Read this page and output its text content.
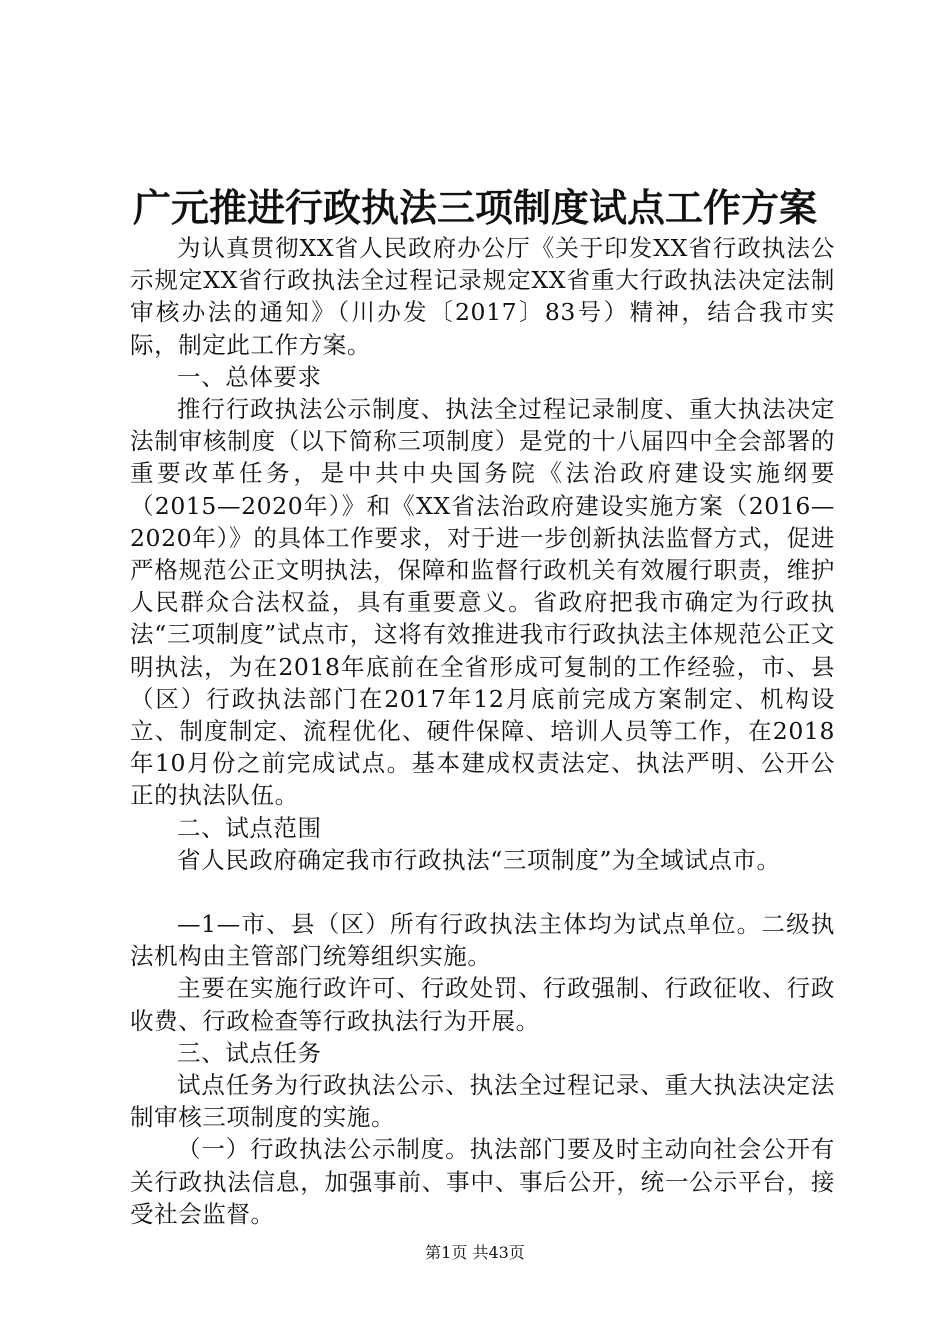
广元推进行政执法三项制度试点工作方案

为认真贯彻XX省人民政府办公厅《关于印发XX省行政执法公示规定XX省行政执法全过程记录规定XX省重大行政执法决定法制审核办法的通知》（川办发〔2017〕83号）精神，结合我市实际，制定此工作方案。

一、总体要求

推行行政执法公示制度、执法全过程记录制度、重大执法决定法制审核制度（以下简称三项制度）是党的十八届四中全会部署的重要改革任务，是中共中央国务院《法治政府建设实施纲要（2015—2020年）》和《XX省法治政府建设实施方案（2016—2020年）》的具体工作要求，对于进一步创新执法监督方式，促进严格规范公正文明执法，保障和监督行政机关有效履行职责，维护人民群众合法权益，具有重要意义。省政府把我市确定为行政执法“三项制度”试点市，这将有效推进我市行政执法主体规范公正文明执法，为在2018年底前在全省形成可复制的工作经验，市、县（区）行政执法部门在2017年12月底前完成方案制定、机构设立、制度制定、流程优化、硬件保障、培训人员等工作，在2018年10月份之前完成试点。基本建成权责法定、执法严明、公开公正的执法队伍。

二、试点范围

省人民政府确定我市行政执法“三项制度”为全域试点市。

—1—市、县（区）所有行政执法主体均为试点单位。二级执法机构由主管部门统筹组织实施。

主要在实施行政许可、行政处罚、行政强制、行政征收、行政收费、行政检查等行政执法行为开展。

三、试点任务

试点任务为行政执法公示、执法全过程记录、重大执法决定法制审核三项制度的实施。

（一）行政执法公示制度。执法部门要及时主动向社会公开有关行政执法信息，加强事前、事中、事后公开，统一公示平台，接受社会监督。

第1页 共43页
